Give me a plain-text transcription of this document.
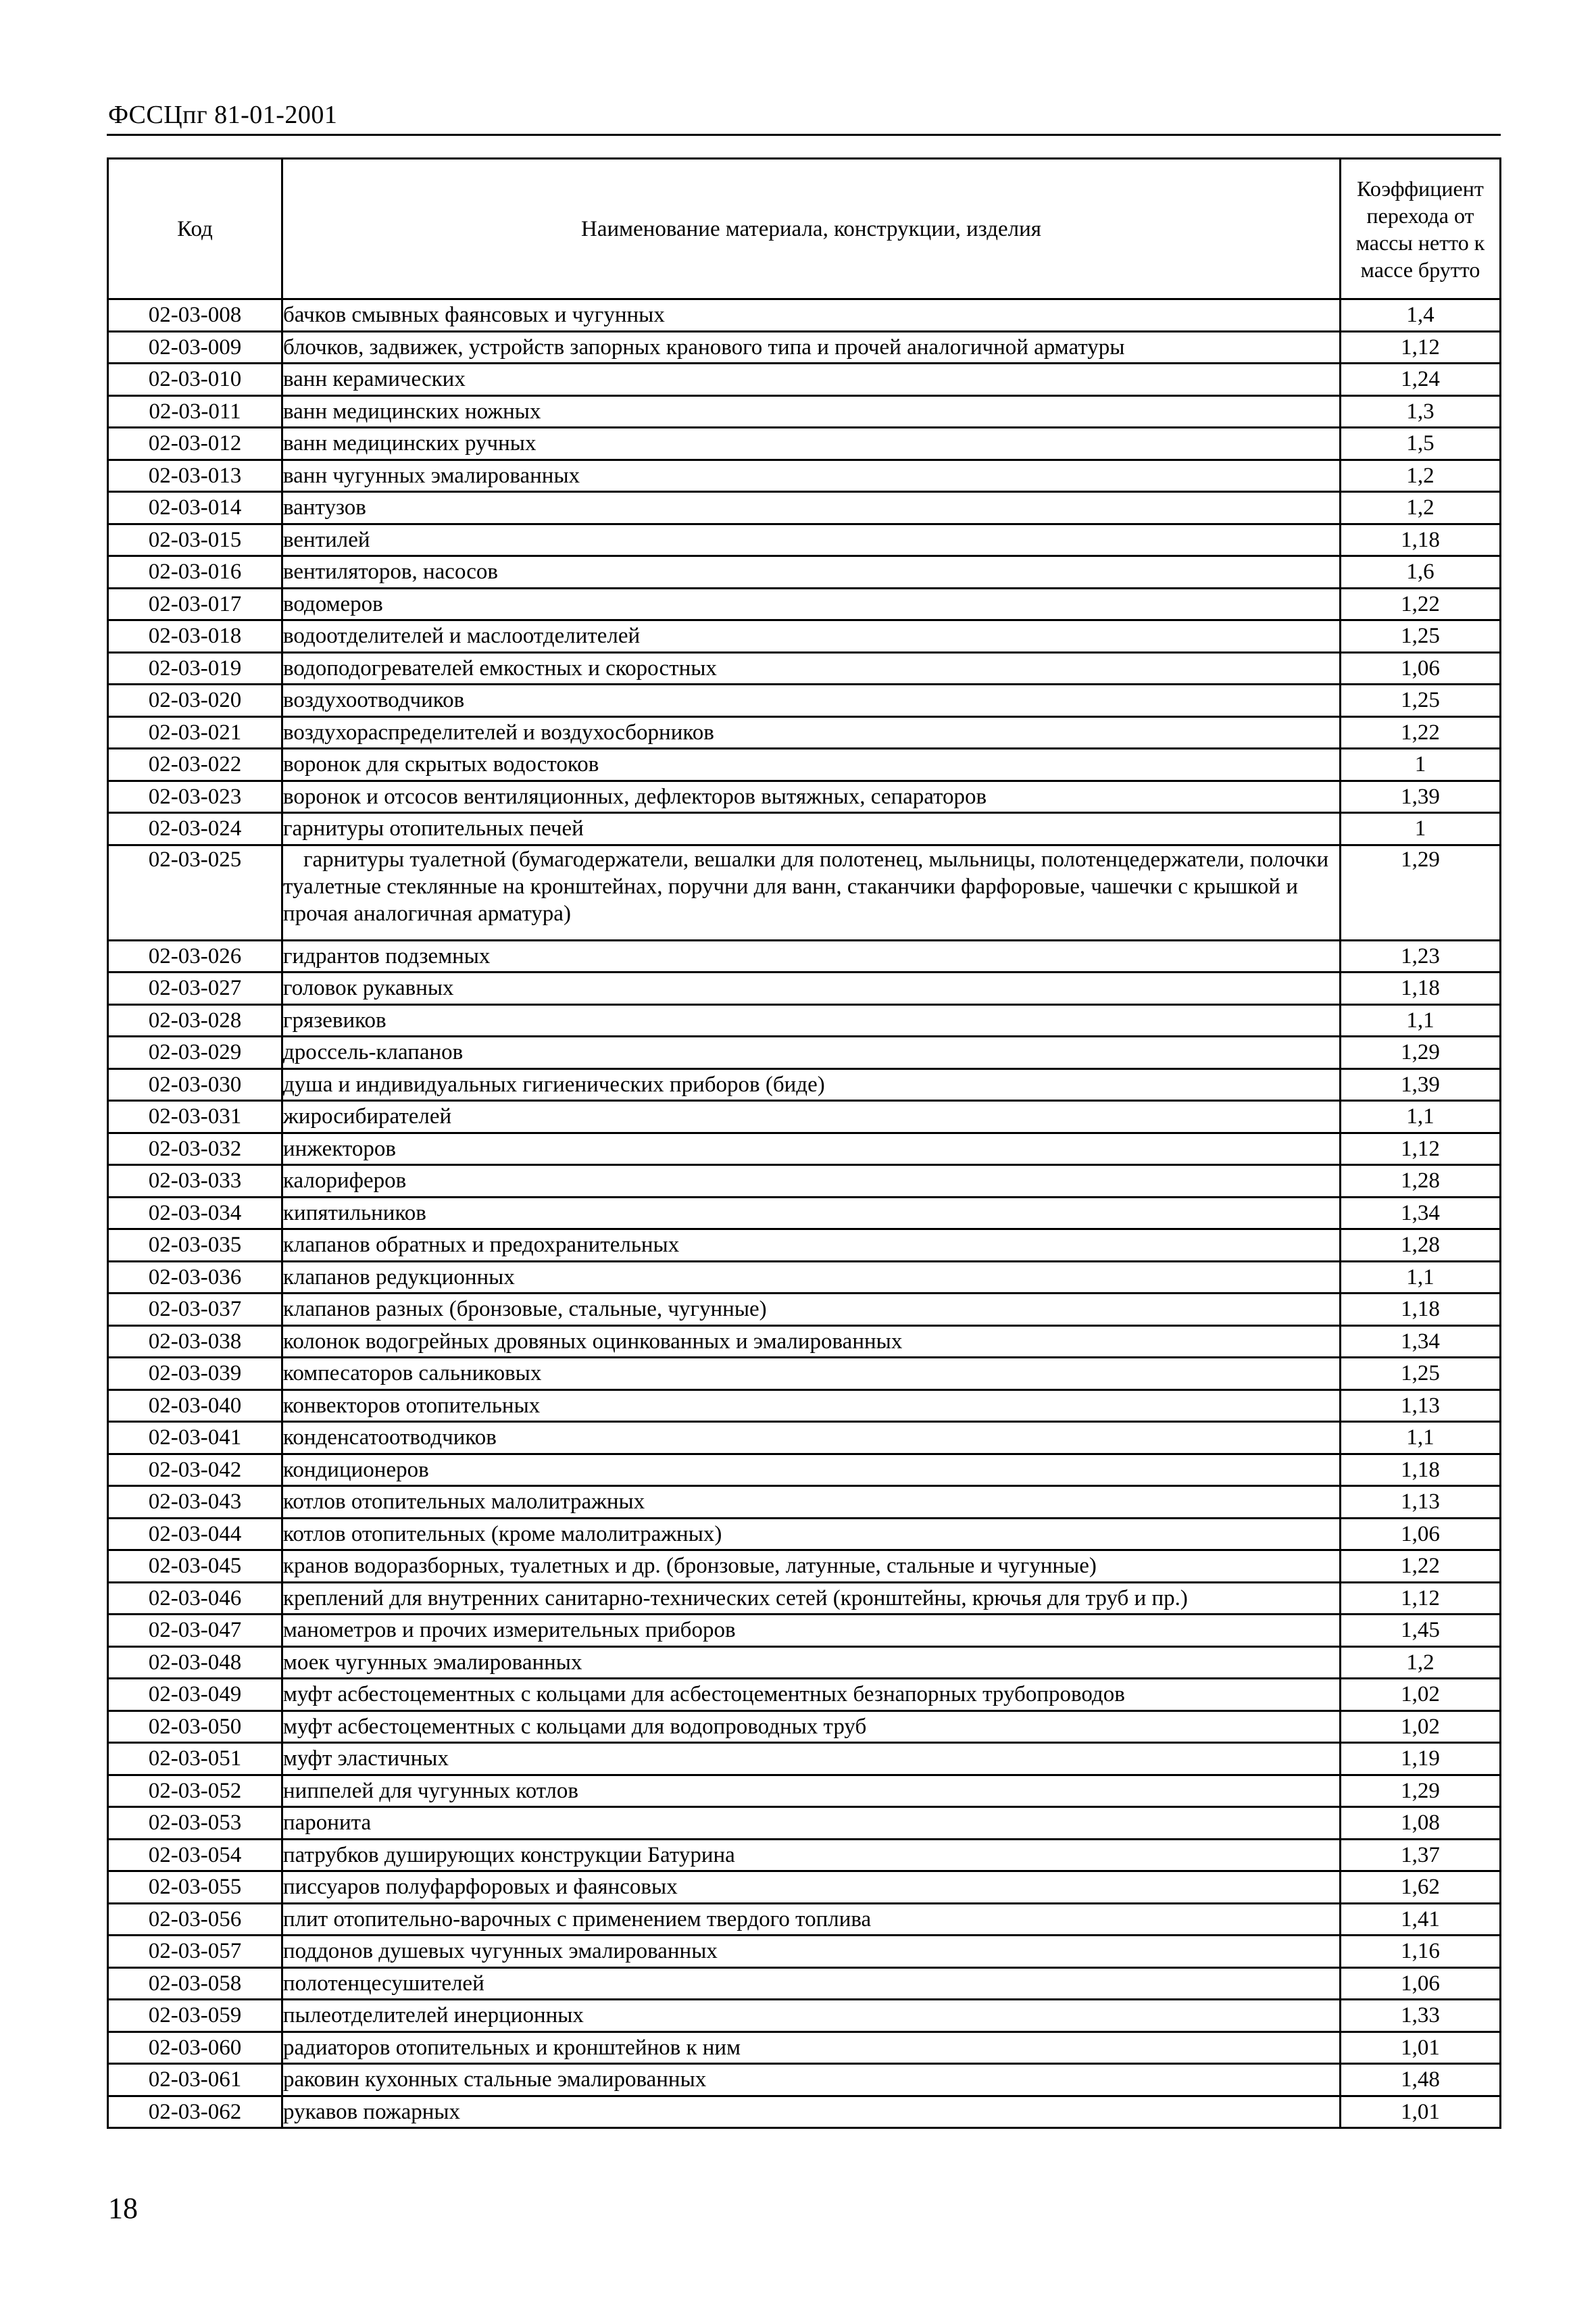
ФССЦпг 81-01-2001
Код	Наименование материала, конструкции, изделия	Коэффициент перехода от массы нетто к массе брутто
02-03-008	бачков смывных фаянсовых и чугунных	1,4
02-03-009	блочков, задвижек, устройств запорных кранового типа и прочей аналогичной арматуры	1,12
02-03-010	ванн керамических	1,24
02-03-011	ванн медицинских ножных	1,3
02-03-012	ванн медицинских ручных	1,5
02-03-013	ванн чугунных эмалированных	1,2
02-03-014	вантузов	1,2
02-03-015	вентилей	1,18
02-03-016	вентиляторов, насосов	1,6
02-03-017	водомеров	1,22
02-03-018	водоотделителей и маслоотделителей	1,25
02-03-019	водоподогревателей емкостных и скоростных	1,06
02-03-020	воздухоотводчиков	1,25
02-03-021	воздухораспределителей и воздухосборников	1,22
02-03-022	воронок для скрытых водостоков	1
02-03-023	воронок и отсосов вентиляционных, дефлекторов вытяжных, сепараторов	1,39
02-03-024	гарнитуры отопительных печей	1
02-03-025	гарнитуры туалетной (бумагодержатели, вешалки для полотенец, мыльницы, полотенцедержатели, полочки туалетные стеклянные на кронштейнах, поручни для ванн, стаканчики фарфоровые, чашечки с крышкой и прочая аналогичная арматура)	1,29
02-03-026	гидрантов подземных	1,23
02-03-027	головок рукавных	1,18
02-03-028	грязевиков	1,1
02-03-029	дроссель-клапанов	1,29
02-03-030	душа и индивидуальных гигиенических приборов (биде)	1,39
02-03-031	жиросибирателей	1,1
02-03-032	инжекторов	1,12
02-03-033	калориферов	1,28
02-03-034	кипятильников	1,34
02-03-035	клапанов обратных и предохранительных	1,28
02-03-036	клапанов редукционных	1,1
02-03-037	клапанов разных (бронзовые, стальные, чугунные)	1,18
02-03-038	колонок водогрейных дровяных оцинкованных и эмалированных	1,34
02-03-039	компесаторов сальниковых	1,25
02-03-040	конвекторов отопительных	1,13
02-03-041	конденсатоотводчиков	1,1
02-03-042	кондиционеров	1,18
02-03-043	котлов отопительных малолитражных	1,13
02-03-044	котлов отопительных (кроме малолитражных)	1,06
02-03-045	кранов водоразборных, туалетных и др. (бронзовые, латунные, стальные и чугунные)	1,22
02-03-046	креплений для внутренних санитарно-технических сетей (кронштейны, крючья для труб и пр.)	1,12
02-03-047	манометров и прочих измерительных приборов	1,45
02-03-048	моек чугунных эмалированных	1,2
02-03-049	муфт асбестоцементных с кольцами для асбестоцементных безнапорных трубопроводов	1,02
02-03-050	муфт асбестоцементных с кольцами для водопроводных труб	1,02
02-03-051	муфт эластичных	1,19
02-03-052	ниппелей для чугунных котлов	1,29
02-03-053	паронита	1,08
02-03-054	патрубков душирующих конструкции Батурина	1,37
02-03-055	писсуаров полуфарфоровых и фаянсовых	1,62
02-03-056	плит отопительно-варочных с применением твердого топлива	1,41
02-03-057	поддонов душевых чугунных эмалированных	1,16
02-03-058	полотенцесушителей	1,06
02-03-059	пылеотделителей инерционных	1,33
02-03-060	радиаторов отопительных и кронштейнов к ним	1,01
02-03-061	раковин кухонных стальные эмалированных	1,48
02-03-062	рукавов пожарных	1,01
18
